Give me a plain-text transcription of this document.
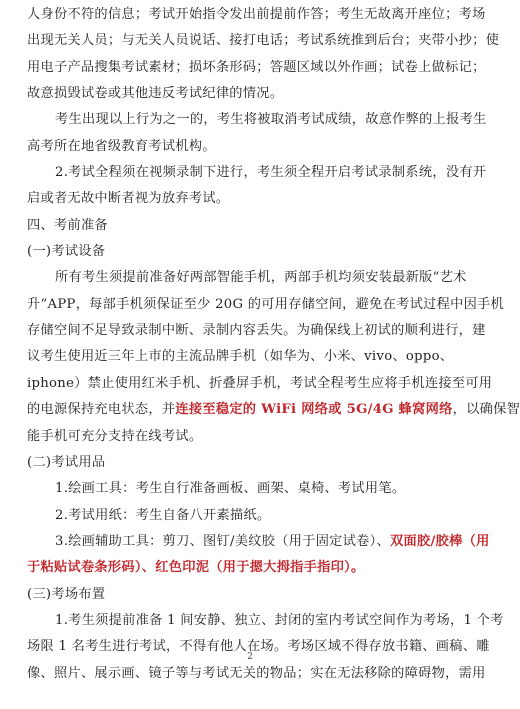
人身份不符的信息；考试开始指令发出前提前作答；考生无故离开座位；考场
出现无关人员；与无关人员说话、接打电话；考试系统推到后台；夹带小抄；使
用电子产品搜集考试素材；损坏条形码；答题区域以外作画；试卷上做标记；
故意损毁试卷或其他违反考试纪律的情况。
考生出现以上行为之一的，考生将被取消考试成绩，故意作弊的上报考生
高考所在地省级教育考试机构。
2.考试全程须在视频录制下进行，考生须全程开启考试录制系统，没有开
启或者无故中断者视为放弃考试。
四、考前准备
(一)考试设备
所有考生须提前准备好两部智能手机，两部手机均须安装最新版“艺术
升”APP，每部手机须保证至少 20G 的可用存储空间，避免在考试过程中因手机
存储空间不足导致录制中断、录制内容丢失。为确保线上初试的顺利进行，建
议考生使用近三年上市的主流品牌手机（如华为、小米、vivo、oppo、
iphone）禁止使用红米手机、折叠屏手机，考试全程考生应将手机连接至可用
的电源保持充电状态，并连接至稳定的 WiFi 网络或 5G/4G 蜂窝网络，以确保智
能手机可充分支持在线考试。
(二)考试用品
1.绘画工具：考生自行准备画板、画架、桌椅、考试用笔。
2.考试用纸：考生自备八开素描纸。
3.绘画辅助工具：剪刀、图钉/美纹胶（用于固定试卷）、双面胶/胶棒（用
于粘贴试卷条形码）、红色印泥（用于摁大拇指手指印）。
(三)考场布置
1.考生须提前准备 1 间安静、独立、封闭的室内考试空间作为考场，1 个考
场限 1 名考生进行考试，不得有他人在场。考场区域不得存放书籍、画稿、雕
像、照片、展示画、镜子等与考试无关的物品；实在无法移除的障碍物，需用
2
